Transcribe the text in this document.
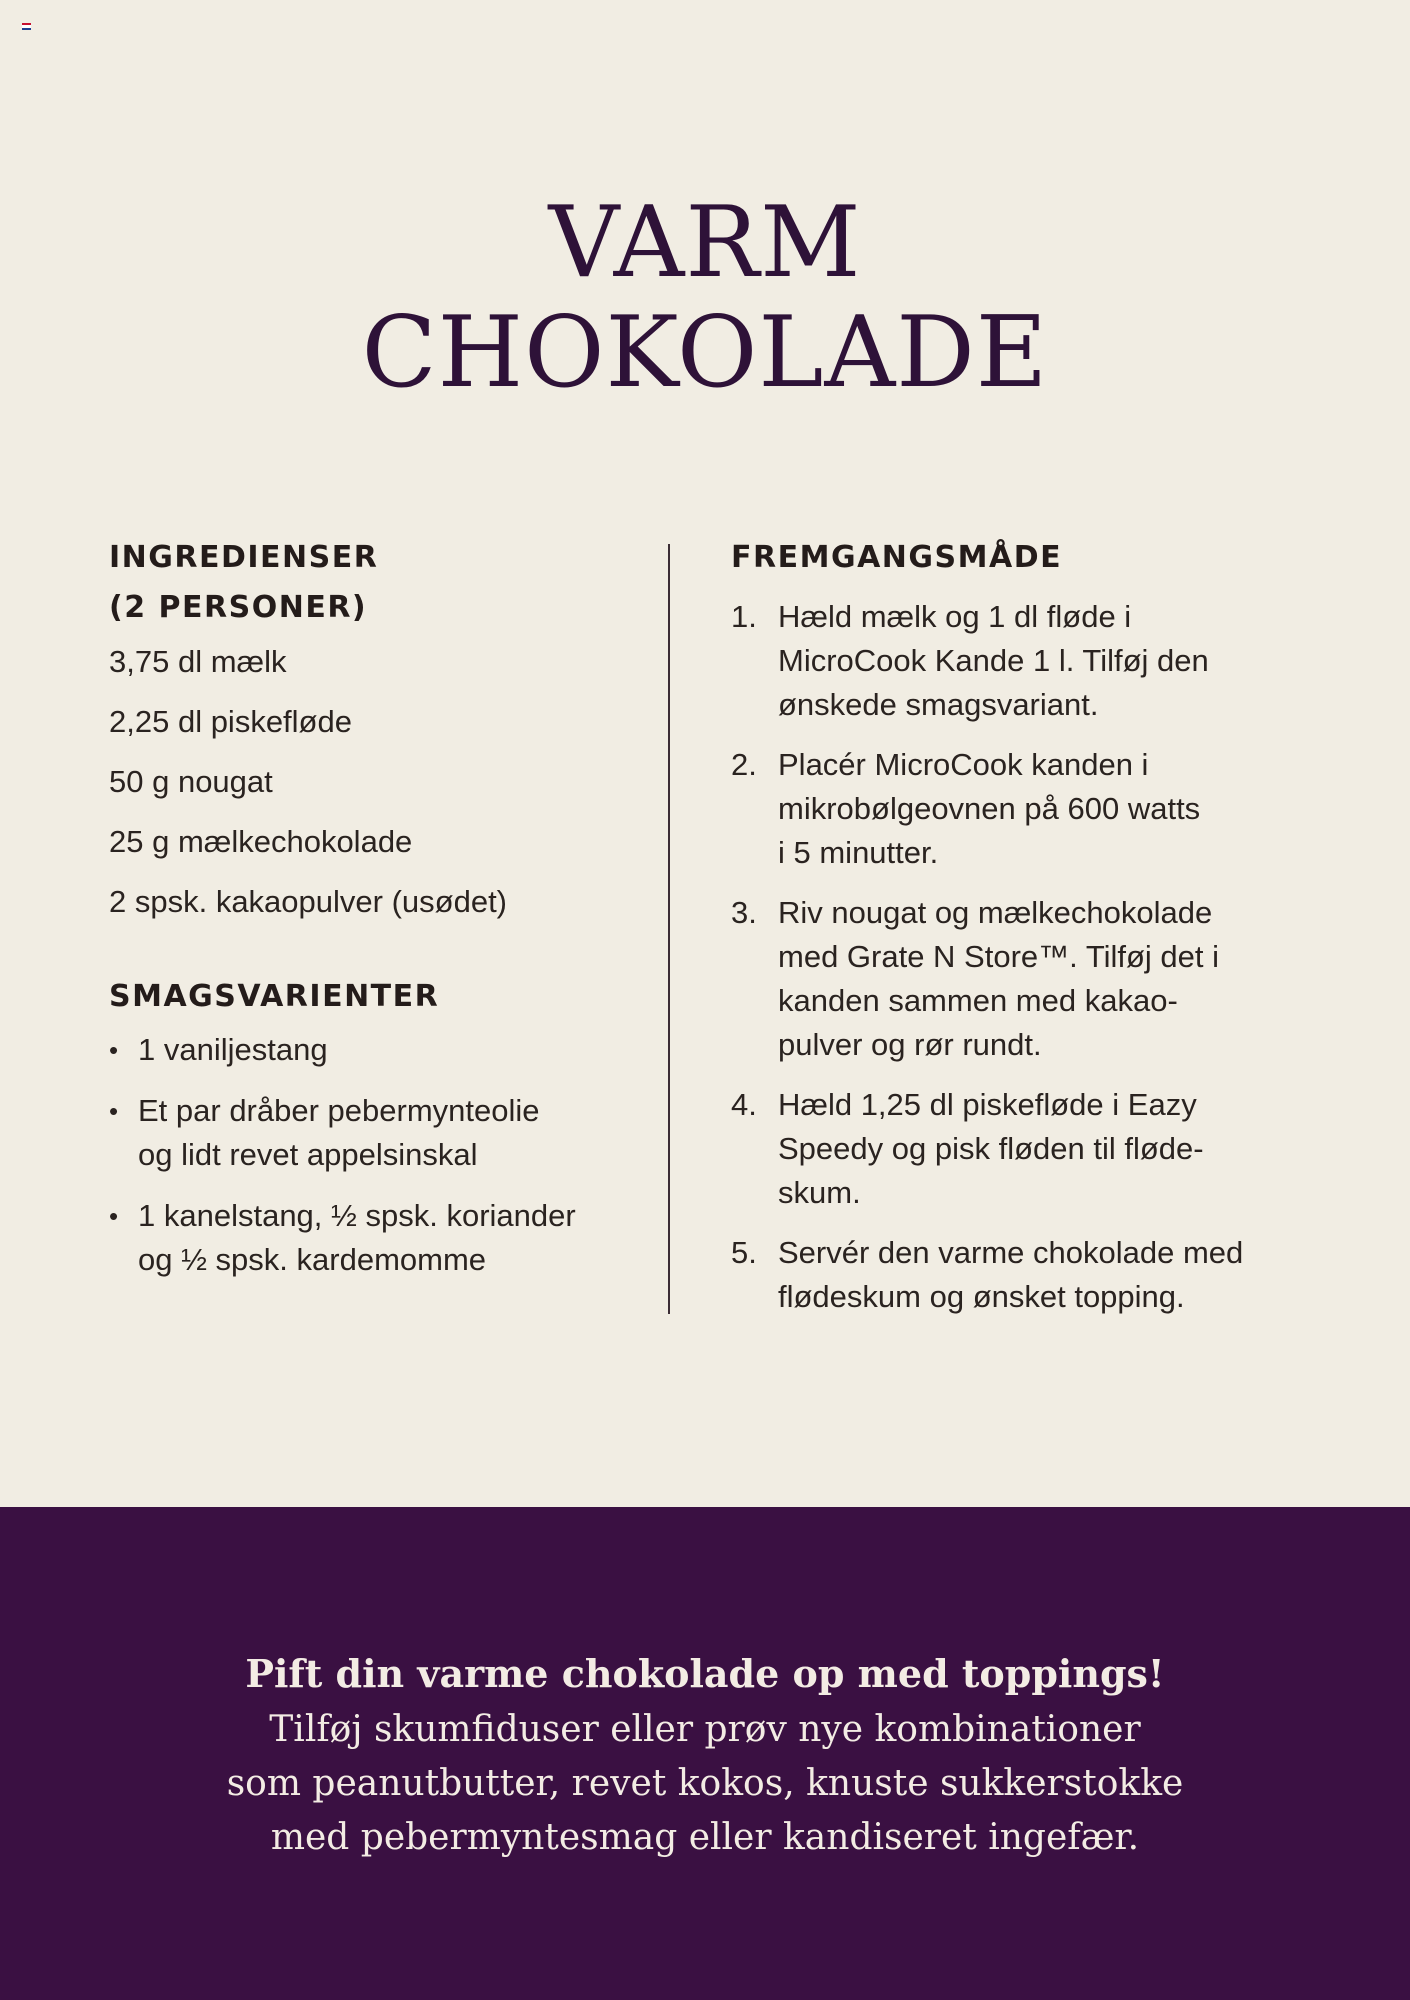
VARM
CHOKOLADE
INGREDIENSER
(2 PERSONER)
3,75 dl mælk
2,25 dl piskefløde
50 g nougat
25 g mælkechokolade
2 spsk. kakaopulver (usødet)
SMAGSVARIENTER
• 1 vaniljestang
• Et par dråber pebermynteolie
og lidt revet appelsinskal
• 1 kanelstang, ½ spsk. koriander
og ½ spsk. kardemomme
FREMGANGSMÅDE
1. Hæld mælk og 1 dl fløde i
MicroCook Kande 1 l. Tilføj den
ønskede smagsvariant.
2. Placér MicroCook kanden i
mikrobølgeovnen på 600 watts
i 5 minutter.
3. Riv nougat og mælkechokolade
med Grate N Store™. Tilføj det i
kanden sammen med kakao-
pulver og rør rundt.
4. Hæld 1,25 dl piskefløde i Eazy
Speedy og pisk fløden til fløde-
skum.
5. Servér den varme chokolade med
flødeskum og ønsket topping.

Pift din varme chokolade op med toppings!

Tilføj skumfiduser eller prøv nye kombinationer
som peanutbutter, revet kokos, knuste sukkerstokke
med pebermyntesmag eller kandiseret ingefær.
